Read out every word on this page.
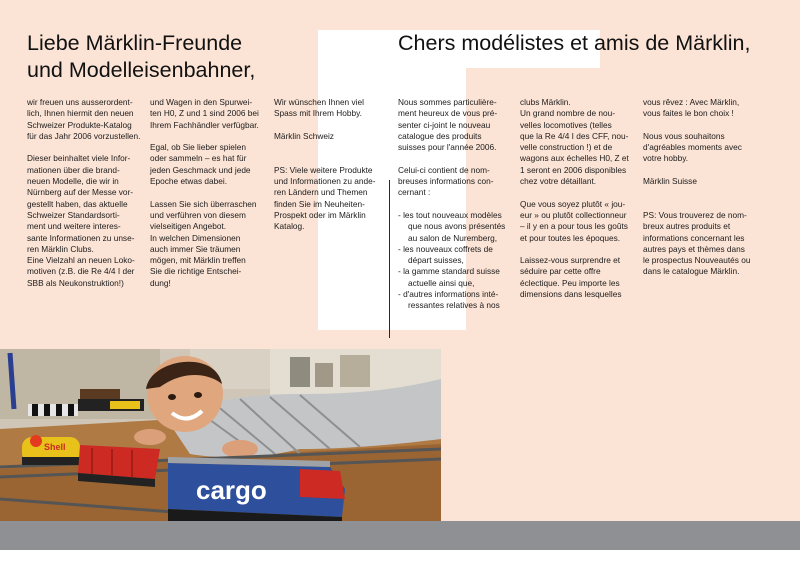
Liebe Märklin-Freunde
und Modelleisenbahner,
Chers modélistes et amis de Märklin,
wir freuen uns ausserordent-
lich, Ihnen hiermit den neuen
Schweizer Produkte-Katalog
für das Jahr 2006 vorzustellen.
Dieser beinhaltet viele Infor-
mationen über die brand-
neuen Modelle, die wir in
Nürnberg auf der Messe vor-
gestellt haben, das aktuelle
Schweizer Standardsorti-
ment und weitere interes-
sante Informationen zu unse-
ren Märklin Clubs.
Eine Vielzahl an neuen Loko-
motiven (z.B. die Re 4/4 I der
SBB als Neukonstruktion!)
und Wagen in den Spurwei-
ten H0, Z und 1 sind 2006 bei
Ihrem Fachhändler verfügbar.
Egal, ob Sie lieber spielen
oder sammeln – es hat für
jeden Geschmack und jede
Epoche etwas dabei.
Lassen Sie sich überraschen
und verführen von diesem
vielseitigen Angebot.
In welchen Dimensionen
auch immer Sie träumen
mögen, mit Märklin treffen
Sie die richtige Entschei-
dung!
Wir wünschen Ihnen viel
Spass mit Ihrem Hobby.
Märklin Schweiz

PS: Viele weitere Produkte
und Informationen zu ande-
ren Ländern und Themen
finden Sie im Neuheiten-
Prospekt oder im Märklin
Katalog.
Nous sommes particulière-
ment heureux de vous pré-
senter ci-joint le nouveau
catalogue des produits
suisses pour l'année 2006.
Celui-ci contient de nom-
breuses informations con-
cernant :
- les tout nouveaux modèles
que nous avons présentés
au salon de Nuremberg,
- les nouveaux coffrets de
départ suisses,
- la gamme standard suisse
actuelle ainsi que,
- d'autres informations inté-
ressantes relatives à nos
clubs Märklin.
Un grand nombre de nou-
velles locomotives (telles
que la Re 4/4 I des CFF, nou-
velle construction !) et de
wagons aux échelles H0, Z et
1 seront en 2006 disponibles
chez votre détaillant.
Que vous soyez plutôt « jou-
eur » ou plutôt collectionneur
– il y en a pour tous les goûts
et pour toutes les époques.
Laissez-vous surprendre et
séduire par cette offre
éclectique. Peu importe les
dimensions dans lesquelles
vous rêvez : Avec Märklin,
vous faites le bon choix !
Nous vous souhaitons
d'agréables moments avec
votre hobby.
Märklin Suisse

PS: Vous trouverez de nom-
breux autres produits et
informations concernant les
autres pays et thèmes dans
le prospectus Nouveautés ou
dans le catalogue Märklin.
Shell
cargo
